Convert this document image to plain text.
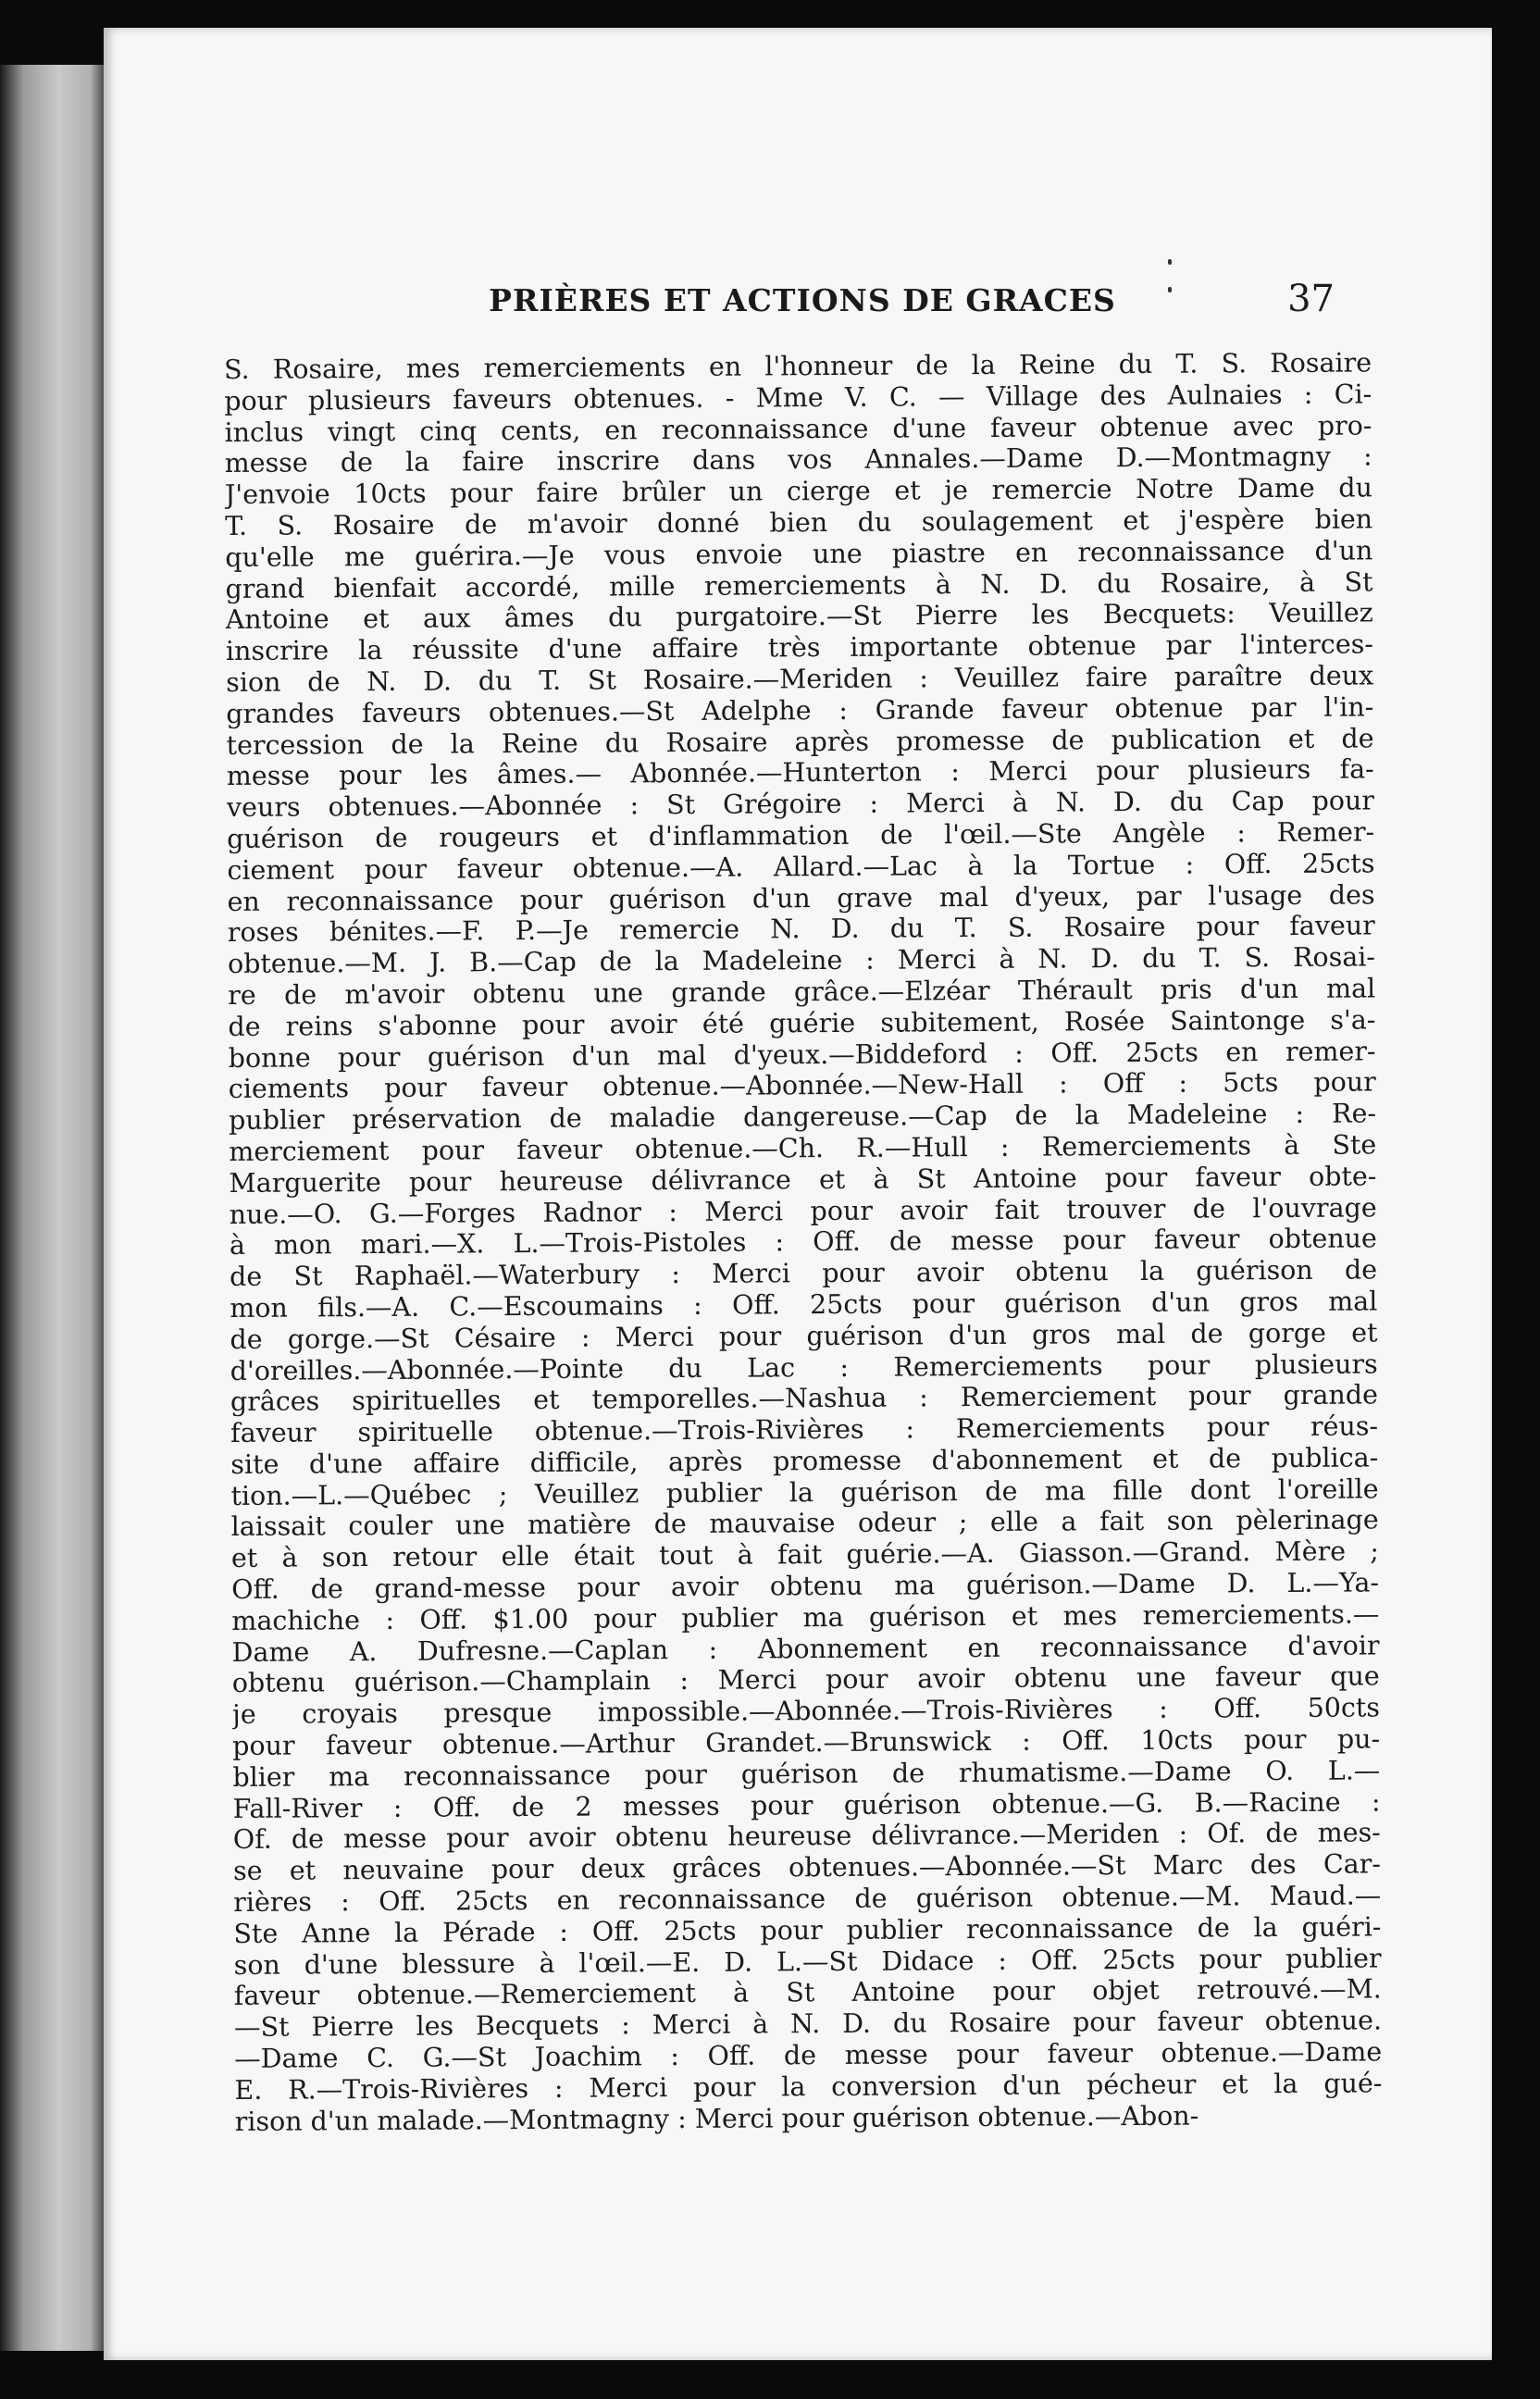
PRIÈRES ET ACTIONS DE GRACES	37
S. Rosaire, mes remerciements en l'honneur de la Reine du T. S. Rosaire
pour plusieurs faveurs obtenues. - Mme V. C. — Village des Aulnaies : Ci-
inclus vingt cinq cents, en reconnaissance d'une faveur obtenue avec pro-
messe de la faire inscrire dans vos Annales.—Dame D.—Montmagny :
J'envoie 10cts pour faire brûler un cierge et je remercie Notre Dame du
T. S. Rosaire de m'avoir donné bien du soulagement et j'espère bien
qu'elle me guérira.—Je vous envoie une piastre en reconnaissance d'un
grand bienfait accordé, mille remerciements à N. D. du Rosaire, à St
Antoine et aux âmes du purgatoire.—St Pierre les Becquets: Veuillez
inscrire la réussite d'une affaire très importante obtenue par l'interces-
sion de N. D. du T. St Rosaire.—Meriden : Veuillez faire paraître deux
grandes faveurs obtenues.—St Adelphe : Grande faveur obtenue par l'in-
tercession de la Reine du Rosaire après promesse de publication et de
messe pour les âmes.— Abonnée.—Hunterton : Merci pour plusieurs fa-
veurs obtenues.—Abonnée : St Grégoire : Merci à N. D. du Cap pour
guérison de rougeurs et d'inflammation de l'œil.—Ste Angèle : Remer-
ciement pour faveur obtenue.—A. Allard.—Lac à la Tortue : Off. 25cts
en reconnaissance pour guérison d'un grave mal d'yeux, par l'usage des
roses bénites.—F. P.—Je remercie N. D. du T. S. Rosaire pour faveur
obtenue.—M. J. B.—Cap de la Madeleine : Merci à N. D. du T. S. Rosai-
re de m'avoir obtenu une grande grâce.—Elzéar Thérault pris d'un mal
de reins s'abonne pour avoir été guérie subitement, Rosée Saintonge s'a-
bonne pour guérison d'un mal d'yeux.—Biddeford : Off. 25cts en remer-
ciements pour faveur obtenue.—Abonnée.—New-Hall : Off : 5cts pour
publier préservation de maladie dangereuse.—Cap de la Madeleine : Re-
merciement pour faveur obtenue.—Ch. R.—Hull : Remerciements à Ste
Marguerite pour heureuse délivrance et à St Antoine pour faveur obte-
nue.—O. G.—Forges Radnor : Merci pour avoir fait trouver de l'ouvrage
à mon mari.—X. L.—Trois-Pistoles : Off. de messe pour faveur obtenue
de St Raphaël.—Waterbury : Merci pour avoir obtenu la guérison de
mon fils.—A. C.—Escoumains : Off. 25cts pour guérison d'un gros mal
de gorge.—St Césaire : Merci pour guérison d'un gros mal de gorge et
d'oreilles.—Abonnée.—Pointe du Lac : Remerciements pour plusieurs
grâces spirituelles et temporelles.—Nashua : Remerciement pour grande
faveur spirituelle obtenue.—Trois-Rivières : Remerciements pour réus-
site d'une affaire difficile, après promesse d'abonnement et de publica-
tion.—L.—Québec ; Veuillez publier la guérison de ma fille dont l'oreille
laissait couler une matière de mauvaise odeur ; elle a fait son pèlerinage
et à son retour elle était tout à fait guérie.—A. Giasson.—Grand. Mère ;
Off. de grand-messe pour avoir obtenu ma guérison.—Dame D. L.—Ya-
machiche : Off. $1.00 pour publier ma guérison et mes remerciements.—
Dame A. Dufresne.—Caplan : Abonnement en reconnaissance d'avoir
obtenu guérison.—Champlain : Merci pour avoir obtenu une faveur que
je croyais presque impossible.—Abonnée.—Trois-Rivières : Off. 50cts
pour faveur obtenue.—Arthur Grandet.—Brunswick : Off. 10cts pour pu-
blier ma reconnaissance pour guérison de rhumatisme.—Dame O. L.—
Fall-River : Off. de 2 messes pour guérison obtenue.—G. B.—Racine :
Of. de messe pour avoir obtenu heureuse délivrance.—Meriden : Of. de mes-
se et neuvaine pour deux grâces obtenues.—Abonnée.—St Marc des Car-
rières : Off. 25cts en reconnaissance de guérison obtenue.—M. Maud.—
Ste Anne la Pérade : Off. 25cts pour publier reconnaissance de la guéri-
son d'une blessure à l'œil.—E. D. L.—St Didace : Off. 25cts pour publier
faveur obtenue.—Remerciement à St Antoine pour objet retrouvé.—M.
—St Pierre les Becquets : Merci à N. D. du Rosaire pour faveur obtenue.
—Dame C. G.—St Joachim : Off. de messe pour faveur obtenue.—Dame
E. R.—Trois-Rivières : Merci pour la conversion d'un pécheur et la gué-
rison d'un malade.—Montmagny : Merci pour guérison obtenue.—Abon-
